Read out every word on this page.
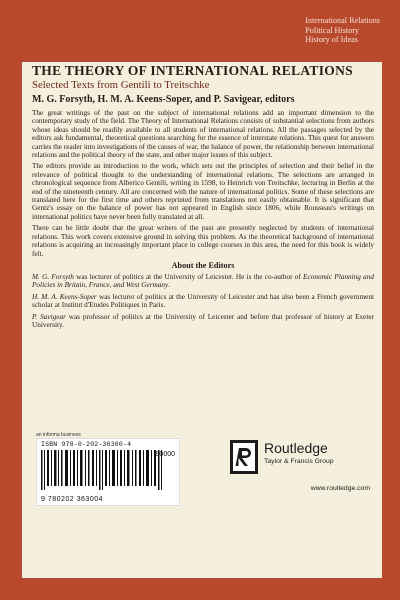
International Relations
Political History
History of Ideas
THE THEORY OF INTERNATIONAL RELATIONS
Selected Texts from Gentili to Treitschke
M. G. Forsyth, H. M. A. Keens-Soper, and P. Savigear, editors

The great writings of the past on the subject of international relations add an important dimension to the contemporary study of the field. The Theory of International Relations consists of substantial selections from authors whose ideas should be readily available to all students of international relations. All the passages selected by the editors ask fundamental, theoretical questions searching for the essence of interstate relations. This quest for answers carries the reader into investigations of the causes of war, the balance of power, the relationship between international relations and the political theory of the state, and other major issues of this subject.

The editors provide an introduction to the work, which sets out the principles of selection and their belief in the relevance of political thought to the understanding of international relations. The selections are arranged in chronological sequence from Alberico Gentili, writing in 1598, to Heinrich von Treitschke, lecturing in Berlin at the end of the nineteenth century. All are concerned with the nature of international politics. Some of these selections are translated here for the first time and others reprinted from translations not easily obtainable. It is significant that Gentz's essay on the balance of power has not appeared in English since 1806, while Rousseau's writings on international politics have never been fully translated at all.

There can be little doubt that the great writers of the past are presently neglected by students of international relations. This work covers extensive ground in solving this problem. As the theoretical background of international relations is acquiring an increasingly important place in college courses in this area, the need for this book is widely felt.

About the Editors

M. G. Forsyth was lecturer of politics at the University of Leicester. He is the co-author of Economic Planning and Policies in Britain, France, and West Germany.

H. M. A. Keens-Soper was lecturer of politics at the University of Leicester and has also been a French government scholar at Institut d'Etudes Politiques in Paris.

P. Savigear was professor of politics at the University of Leicester and before that professor of history at Exeter University.

an informa business
ISBN 978-0-202-36300-4
90000
9 780202 363004
Routledge
Taylor & Francis Group
www.routledge.com
